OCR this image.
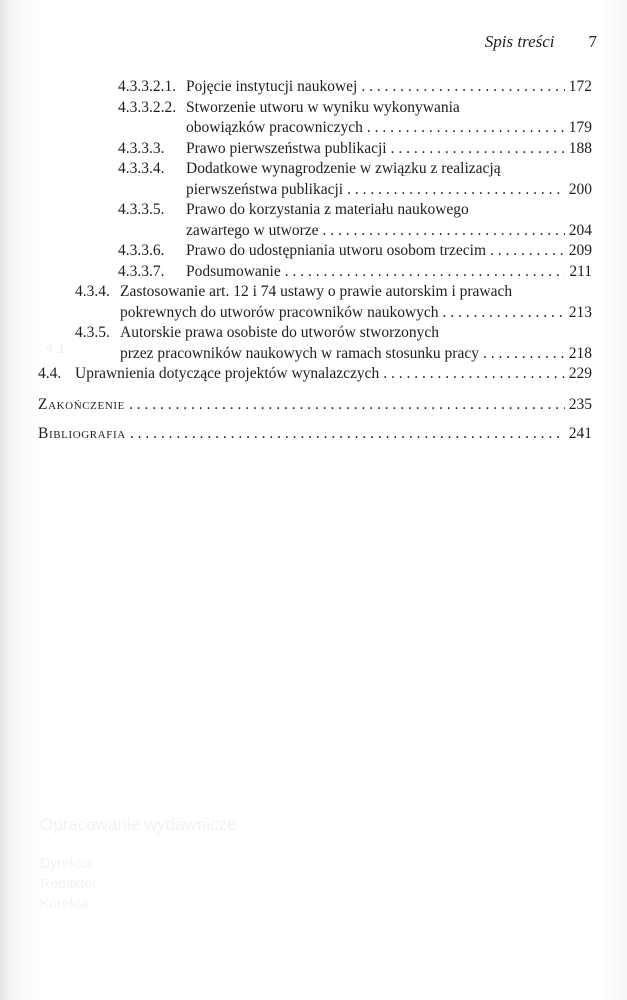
4.1
Opracowanie wydawnicze
Dyrektor
Redaktor
Korekta
Spis treści 7
4.3.3.2.1. Pojęcie instytucji naukowej . . .	172
4.3.3.2.2. Stworzenie utworu w wyniku wykonywania
obowiązków pracowniczych . . .	179
4.3.3.3.	Prawo pierwszeństwa publikacji . . .	188
4.3.3.4.	Dodatkowe wynagrodzenie w związku z realizacją
pierwszeństwa publikacji . . .	200
4.3.3.5.	Prawo do korzystania z materiału naukowego
zawartego w utworze . . .	204
4.3.3.6.	Prawo do udostępniania utworu osobom trzecim . . .	209
4.3.3.7.	Podsumowanie . . .	211
4.3.4. Zastosowanie art. 12 i 74 ustawy o prawie autorskim i prawach
pokrewnych do utworów pracowników naukowych . . .	213
4.3.5. Autorskie prawa osobiste do utworów stworzonych
przez pracowników naukowych w ramach stosunku pracy . . .	218
4.4. Uprawnienia dotyczące projektów wynalazczych . . .	229
Zakończenie . . .	235
Bibliografia . . .	241
